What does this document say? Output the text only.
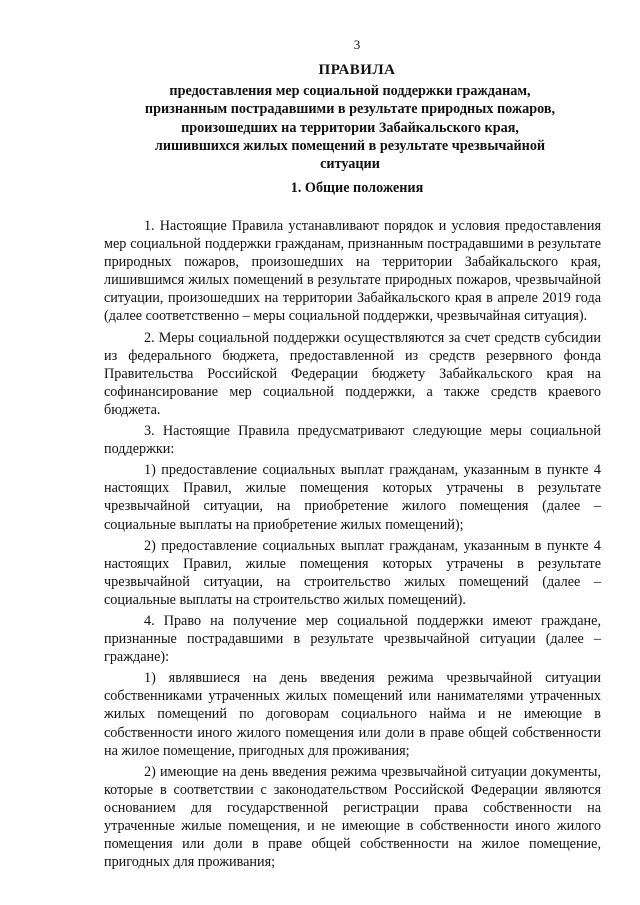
3
ПРАВИЛА
предоставления мер социальной поддержки гражданам,
признанным пострадавшими в результате природных пожаров,
произошедших на территории Забайкальского края,
лишившихся жилых помещений в результате чрезвычайной
ситуации
1. Общие положения

1. Настоящие Правила устанавливают порядок и условия предоставления мер социальной поддержки гражданам, признанным пострадавшими в результате природных пожаров, произошедших на территории Забайкальского края, лишившимся жилых помещений в результате природных пожаров, чрезвычайной ситуации, произошедших на территории Забайкальского края в апреле 2019 года (далее соответственно – меры социальной поддержки, чрезвычайная ситуация).

2. Меры социальной поддержки осуществляются за счет средств субсидии из федерального бюджета, предоставленной из средств резервного фонда Правительства Российской Федерации бюджету Забайкальского края на софинансирование мер социальной поддержки, а также средств краевого бюджета.

3. Настоящие Правила предусматривают следующие меры социальной поддержки:

1) предоставление социальных выплат гражданам, указанным в пункте 4 настоящих Правил, жилые помещения которых утрачены в результате чрезвычайной ситуации, на приобретение жилого помещения (далее – социальные выплаты на приобретение жилых помещений);

2) предоставление социальных выплат гражданам, указанным в пункте 4 настоящих Правил, жилые помещения которых утрачены в результате чрезвычайной ситуации, на строительство жилых помещений (далее – социальные выплаты на строительство жилых помещений).

4. Право на получение мер социальной поддержки имеют граждане, признанные пострадавшими в результате чрезвычайной ситуации (далее – граждане):

1) являвшиеся на день введения режима чрезвычайной ситуации собственниками утраченных жилых помещений или нанимателями утраченных жилых помещений по договорам социального найма и не имеющие в собственности иного жилого помещения или доли в праве общей собственности на жилое помещение, пригодных для проживания;

2) имеющие на день введения режима чрезвычайной ситуации документы, которые в соответствии с законодательством Российской Федерации являются основанием для государственной регистрации права собственности на утраченные жилые помещения, и не имеющие в собственности иного жилого помещения или доли в праве общей собственности на жилое помещение, пригодных для проживания;
